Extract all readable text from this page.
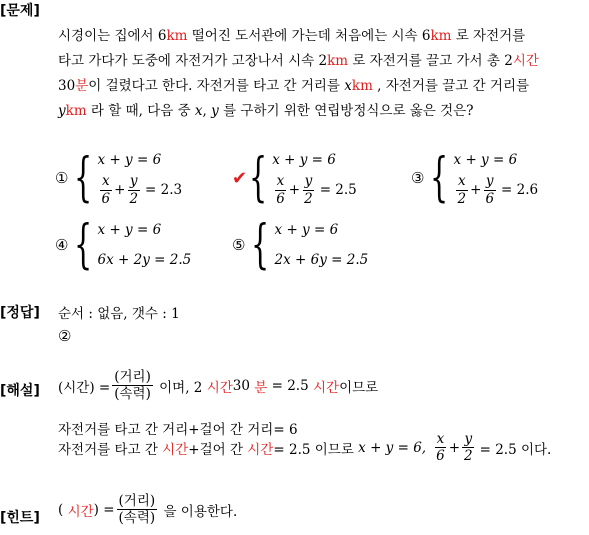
[문제]
시경이는 집에서 6km 떨어진 도서관에 가는데 처음에는 시속 6km 로 자전거를
타고 가다가 도중에 자전거가 고장나서 시속 2km 로 자전거를 끌고 가서 총 2시간
30분이 걸렸다고 한다. 자전거를 타고 간 거리를 xkm , 자전거를 끌고 간 거리를
ykm 라 할 때, 다음 중 x, y 를 구하기 위한 연립방정식으로 옳은 것은?
① { x + y = 6
$\frac{x}{6} + \frac{y}{2} = 2.3$
✔ { x + y = 6
$\frac{x}{6} + \frac{y}{2} = 2.5$
③ { x + y = 6
$\frac{x}{2} + \frac{y}{6} = 2.6$
④ { x + y = 6
6x + 2y = 2.5
⑤ { x + y = 6
2x + 6y = 2.5
[정답] 순서 : 없음, 갯수 : 1
②
[해설] (시간) = $\frac{\text{(거리)}}{\text{(속력)}}$ 이며, 2 시간 30 분 = 2.5 시간 이므로
자전거를 타고 간 거리+걸어 간 거리= 6
자전거를 타고 간 시간 +걸어 간 시간 = 2.5 이므로 x + y = 6, $\frac{x}{6} + \frac{y}{2} = 2.5$ 이다.
[힌트]
( 시간 ) = $\frac{\text{(거리)}}{\text{(속력)}}$ 을 이용한다.
